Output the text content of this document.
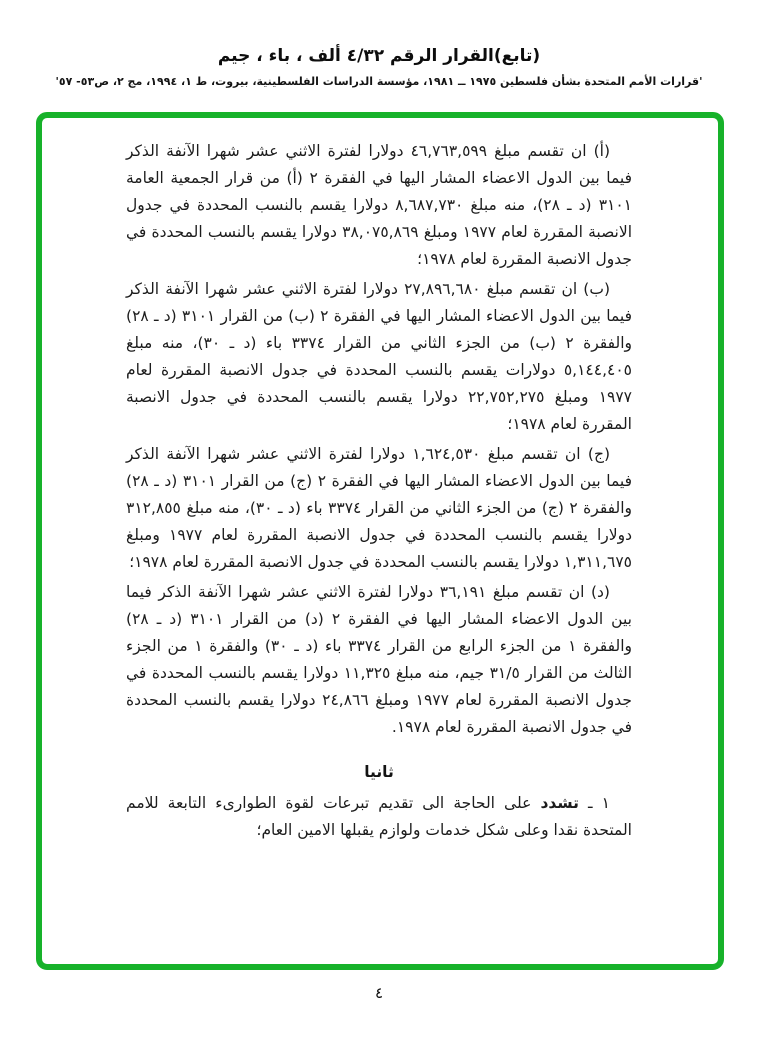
(تابع)القرار الرقم ٤/٣٢ ألف ، باء ، جيم
'قرارات الأمم المتحدة بشأن فلسطين ١٩٧٥ ــ ١٩٨١، مؤسسة الدراسات الفلسطينية، بيروت، ط ١، ١٩٩٤، مج ٢، ص٥٣- ٥٧'

(أ) ان تقسم مبلغ ٤٦,٧٦٣,٥٩٩ دولارا لفترة الاثني عشر شهرا الآنفة الذكر فيما بين الدول الاعضاء المشار اليها في الفقرة ٢ (أ) من قرار الجمعية العامة ٣١٠١ (د ـ ٢٨)، منه مبلغ ٨,٦٨٧,٧٣٠ دولارا يقسم بالنسب المحددة في جدول الانصبة المقررة لعام ١٩٧٧ ومبلغ ٣٨,٠٧٥,٨٦٩ دولارا يقسم بالنسب المحددة في جدول الانصبة المقررة لعام ١٩٧٨؛

(ب) ان تقسم مبلغ ٢٧,٨٩٦,٦٨٠ دولارا لفترة الاثني عشر شهرا الآنفة الذكر فيما بين الدول الاعضاء المشار اليها في الفقرة ٢ (ب) من القرار ٣١٠١ (د ـ ٢٨) والفقرة ٢ (ب) من الجزء الثاني من القرار ٣٣٧٤ باء (د ـ ٣٠)، منه مبلغ ٥,١٤٤,٤٠٥ دولارات يقسم بالنسب المحددة في جدول الانصبة المقررة لعام ١٩٧٧ ومبلغ ٢٢,٧٥٢,٢٧٥ دولارا يقسم بالنسب المحددة في جدول الانصبة المقررة لعام ١٩٧٨؛

(ج) ان تقسم مبلغ ١,٦٢٤,٥٣٠ دولارا لفترة الاثني عشر شهرا الآنفة الذكر فيما بين الدول الاعضاء المشار اليها في الفقرة ٢ (ج) من القرار ٣١٠١ (د ـ ٢٨) والفقرة ٢ (ج) من الجزء الثاني من القرار ٣٣٧٤ باء (د ـ ٣٠)، منه مبلغ ٣١٢,٨٥٥ دولارا يقسم بالنسب المحددة في جدول الانصبة المقررة لعام ١٩٧٧ ومبلغ ١,٣١١,٦٧٥ دولارا يقسم بالنسب المحددة في جدول الانصبة المقررة لعام ١٩٧٨؛

(د) ان تقسم مبلغ ٣٦,١٩١ دولارا لفترة الاثني عشر شهرا الآنفة الذكر فيما بين الدول الاعضاء المشار اليها في الفقرة ٢ (د) من القرار ٣١٠١ (د ـ ٢٨) والفقرة ١ من الجزء الرابع من القرار ٣٣٧٤ باء (د ـ ٣٠) والفقرة ١ من الجزء الثالث من القرار ٣١/٥ جيم، منه مبلغ ١١,٣٢٥ دولارا يقسم بالنسب المحددة في جدول الانصبة المقررة لعام ١٩٧٧ ومبلغ ٢٤,٨٦٦ دولارا يقسم بالنسب المحددة في جدول الانصبة المقررة لعام ١٩٧٨.

ثانيا

١ ـ تشدد على الحاجة الى تقديم تبرعات لقوة الطوارىء التابعة للامم المتحدة نقدا وعلى شكل خدمات ولوازم يقبلها الامين العام؛

٤
